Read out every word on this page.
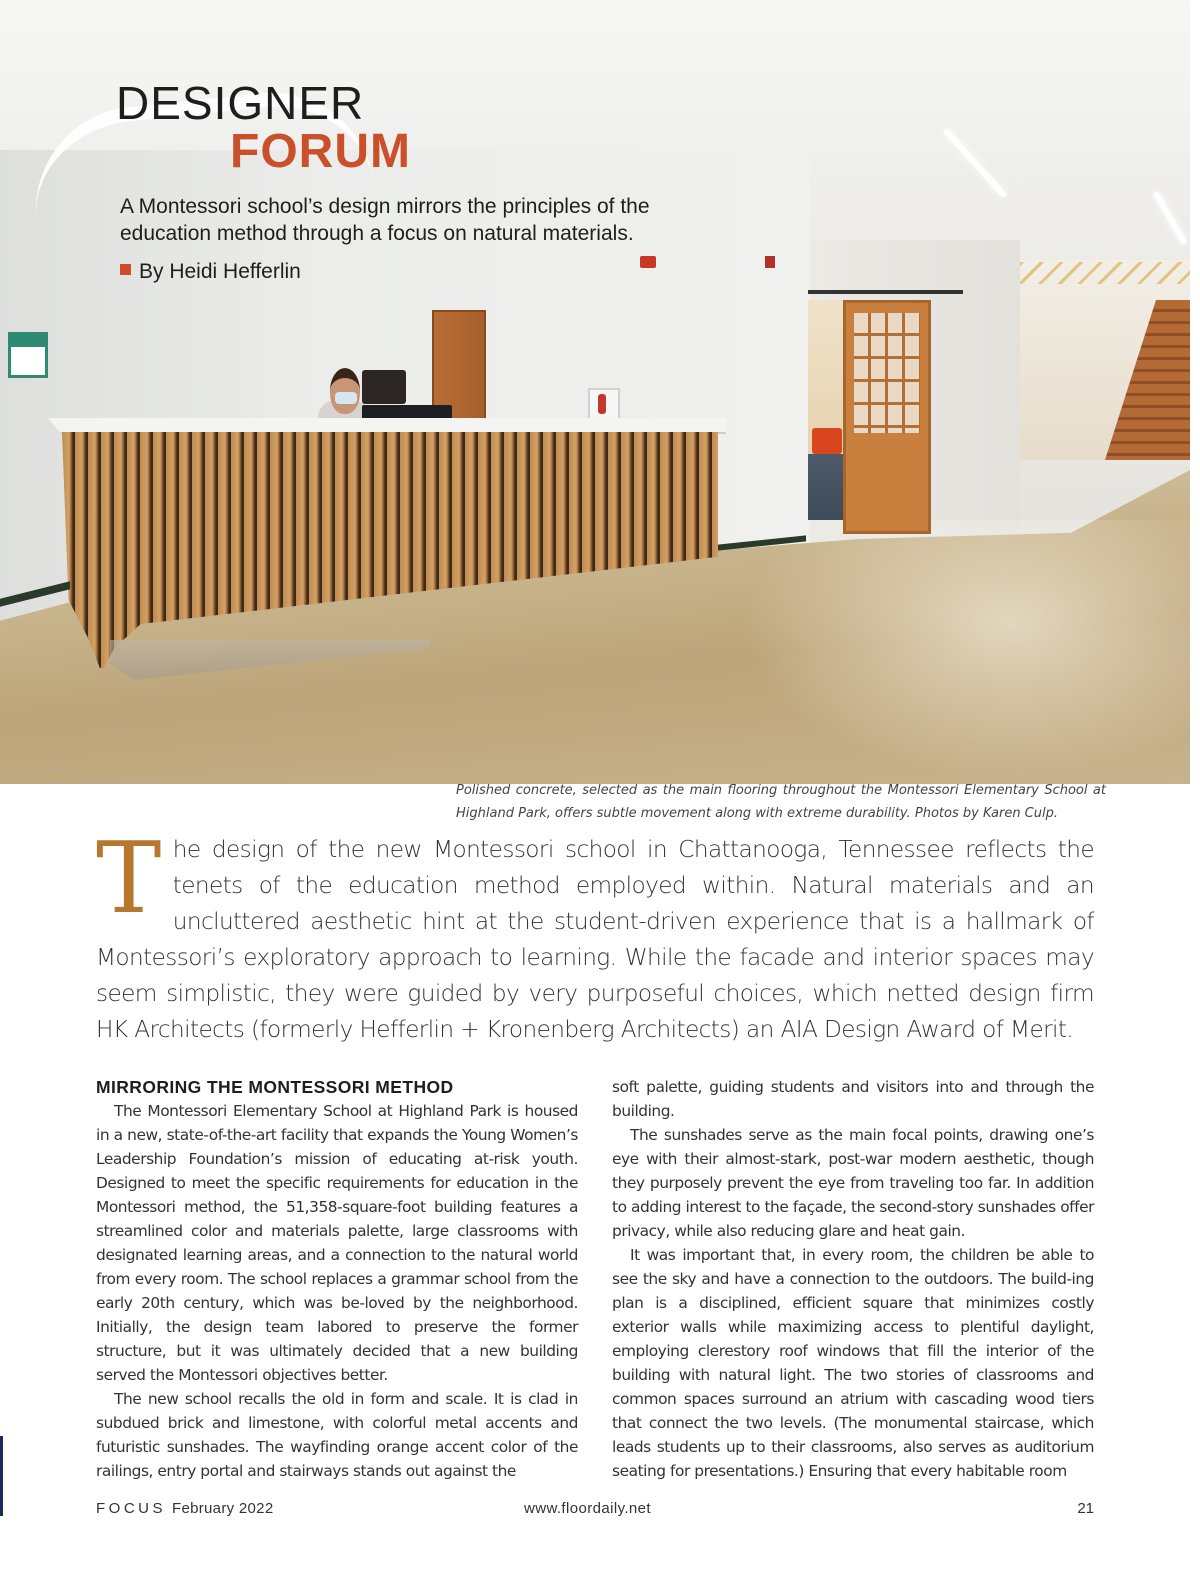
DESIGNER
FORUM

A Montessori school’s design mirrors the principles of the education method through a focus on natural materials.

By Heidi Hefferlin

Polished concrete, selected as the main flooring throughout the Montessori Elementary School at Highland Park, offers subtle movement along with extreme durability. Photos by Karen Culp.

The design of the new Montessori school in Chattanooga, Tennessee reflects the tenets of the education method employed within. Natural materials and an uncluttered aesthetic hint at the student-driven experience that is a hallmark of Montessori’s exploratory approach to learning. While the facade and interior spaces may seem simplistic, they were guided by very purposeful choices, which netted design firm HK Architects (formerly Hefferlin + Kronenberg Architects) an AIA Design Award of Merit.

MIRRORING THE MONTESSORI METHOD

The Montessori Elementary School at Highland Park is housed in a new, state-of-the-art facility that expands the Young Women’s Leadership Foundation’s mission of educating at-risk youth. Designed to meet the specific requirements for education in the Montessori method, the 51,358-square-foot building features a streamlined color and materials palette, large classrooms with designated learning areas, and a connection to the natural world from every room. The school replaces a grammar school from the early 20th century, which was be-loved by the neighborhood. Initially, the design team labored to preserve the former structure, but it was ultimately decided that a new building served the Montessori objectives better.

The new school recalls the old in form and scale. It is clad in subdued brick and limestone, with colorful metal accents and futuristic sunshades. The wayfinding orange accent color of the railings, entry portal and stairways stands out against the

soft palette, guiding students and visitors into and through the building.

The sunshades serve as the main focal points, drawing one’s eye with their almost-stark, post-war modern aesthetic, though they purposely prevent the eye from traveling too far. In addition to adding interest to the façade, the second-story sunshades offer privacy, while also reducing glare and heat gain.

It was important that, in every room, the children be able to see the sky and have a connection to the outdoors. The build-ing plan is a disciplined, efficient square that minimizes costly exterior walls while maximizing access to plentiful daylight, employing clerestory roof windows that fill the interior of the building with natural light. The two stories of classrooms and common spaces surround an atrium with cascading wood tiers that connect the two levels. (The monumental staircase, which leads students up to their classrooms, also serves as auditorium seating for presentations.) Ensuring that every habitable room

FOCUS February 2022	www.floordaily.net	21
